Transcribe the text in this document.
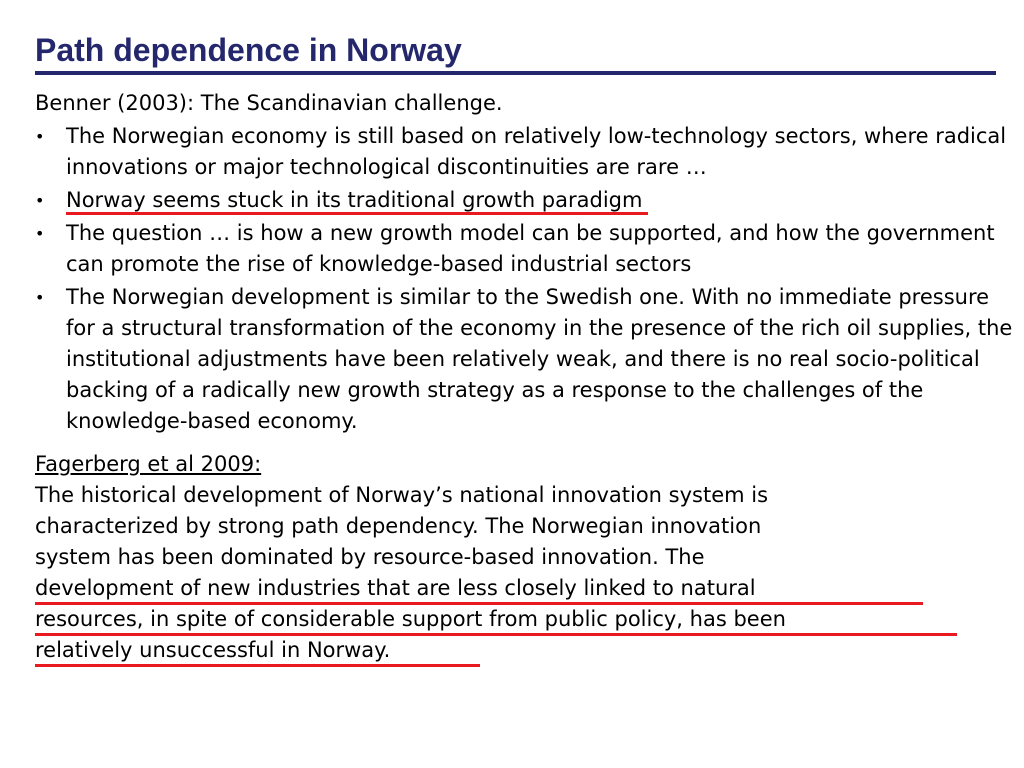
Path dependence in Norway

Benner (2003): The Scandinavian challenge.

• The Norwegian economy is still based on relatively low-technology sectors, where radical innovations or major technological discontinuities are rare …
• Norway seems stuck in its traditional growth paradigm
• The question … is how a new growth model can be supported, and how the government can promote the rise of knowledge-based industrial sectors
• The Norwegian development is similar to the Swedish one. With no immediate pressure for a structural transformation of the economy in the presence of the rich oil supplies, the institutional adjustments have been relatively weak, and there is no real socio-political backing of a radically new growth strategy as a response to the challenges of the knowledge-based economy.

Fagerberg et al 2009:

The historical development of Norway’s national innovation system is
characterized by strong path dependency. The Norwegian innovation
system has been dominated by resource-based innovation. The
development of new industries that are less closely linked to natural
resources, in spite of considerable support from public policy, has been
relatively unsuccessful in Norway.
